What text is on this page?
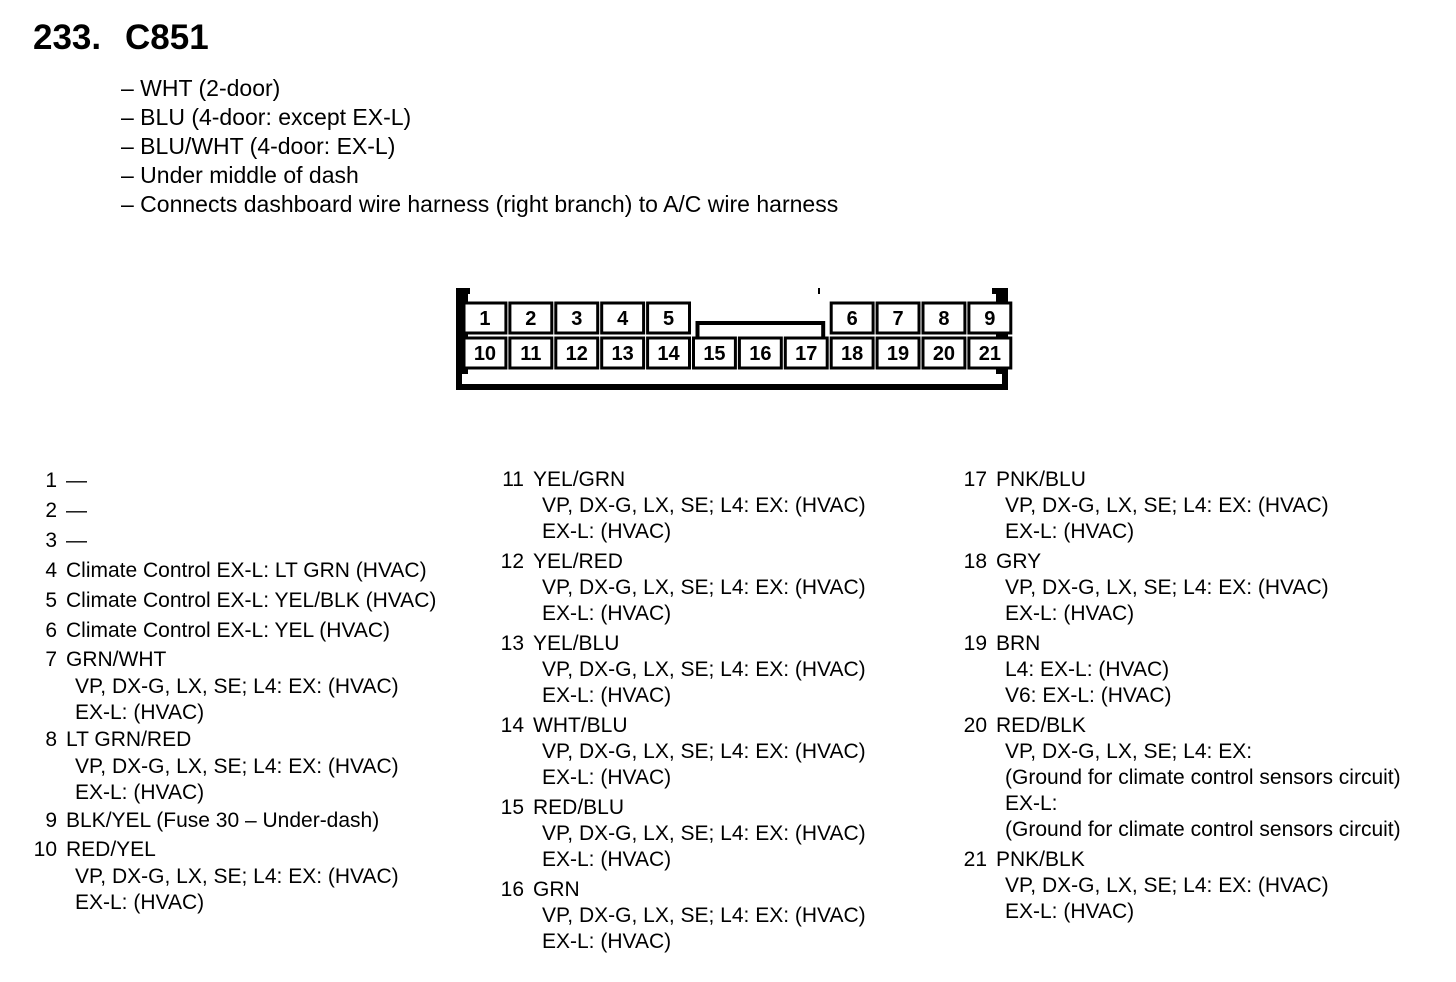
233. C851
– WHT (2-door)
– BLU (4-door: except EX-L)
– BLU/WHT (4-door: EX-L)
– Under middle of dash
– Connects dashboard wire harness (right branch) to A/C wire harness
1 2 3 4 5	6 7 8 9
10 11 12 13 14 15 16 17 18 19 20 21
1 —
2 —
3 —
4 Climate Control EX-L: LT GRN (HVAC)
5 Climate Control EX-L: YEL/BLK (HVAC)
6 Climate Control EX-L: YEL (HVAC)
7 GRN/WHT
VP, DX-G, LX, SE; L4: EX: (HVAC)
EX-L: (HVAC)
8 LT GRN/RED
VP, DX-G, LX, SE; L4: EX: (HVAC)
EX-L: (HVAC)
9 BLK/YEL (Fuse 30 – Under-dash)
10 RED/YEL
VP, DX-G, LX, SE; L4: EX: (HVAC)
EX-L: (HVAC)
11 YEL/GRN
VP, DX-G, LX, SE; L4: EX: (HVAC)
EX-L: (HVAC)
12 YEL/RED
VP, DX-G, LX, SE; L4: EX: (HVAC)
EX-L: (HVAC)
13 YEL/BLU
VP, DX-G, LX, SE; L4: EX: (HVAC)
EX-L: (HVAC)
14 WHT/BLU
VP, DX-G, LX, SE; L4: EX: (HVAC)
EX-L: (HVAC)
15 RED/BLU
VP, DX-G, LX, SE; L4: EX: (HVAC)
EX-L: (HVAC)
16 GRN
VP, DX-G, LX, SE; L4: EX: (HVAC)
EX-L: (HVAC)
17 PNK/BLU
VP, DX-G, LX, SE; L4: EX: (HVAC)
EX-L: (HVAC)
18 GRY
VP, DX-G, LX, SE; L4: EX: (HVAC)
EX-L: (HVAC)
19 BRN
L4: EX-L: (HVAC)
V6: EX-L: (HVAC)
20 RED/BLK
VP, DX-G, LX, SE; L4: EX:
(Ground for climate control sensors circuit)
EX-L:
(Ground for climate control sensors circuit)
21 PNK/BLK
VP, DX-G, LX, SE; L4: EX: (HVAC)
EX-L: (HVAC)
